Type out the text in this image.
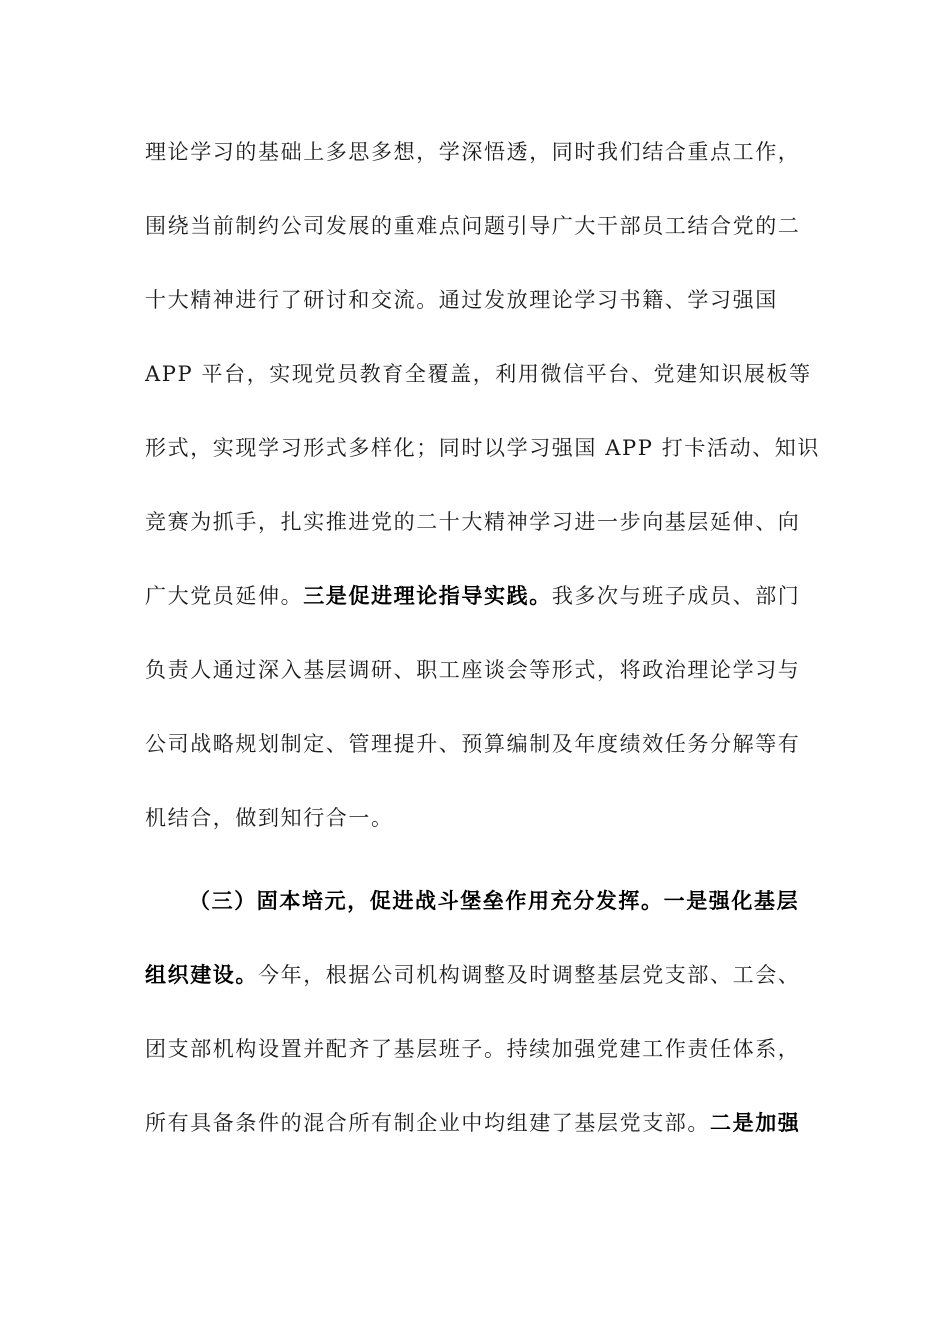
理论学习的基础上多思多想，学深悟透，同时我们结合重点工作，
围绕当前制约公司发展的重难点问题引导广大干部员工结合党的二
十大精神进行了研讨和交流。通过发放理论学习书籍、学习强国
APP 平台，实现党员教育全覆盖，利用微信平台、党建知识展板等
形式，实现学习形式多样化；同时以学习强国 APP 打卡活动、知识
竞赛为抓手，扎实推进党的二十大精神学习进一步向基层延伸、向
广大党员延伸。三是促进理论指导实践。我多次与班子成员、部门
负责人通过深入基层调研、职工座谈会等形式，将政治理论学习与
公司战略规划制定、管理提升、预算编制及年度绩效任务分解等有
机结合，做到知行合一。
（三）固本培元，促进战斗堡垒作用充分发挥。一是强化基层
组织建设。今年，根据公司机构调整及时调整基层党支部、工会、
团支部机构设置并配齐了基层班子。持续加强党建工作责任体系，
所有具备条件的混合所有制企业中均组建了基层党支部。二是加强
